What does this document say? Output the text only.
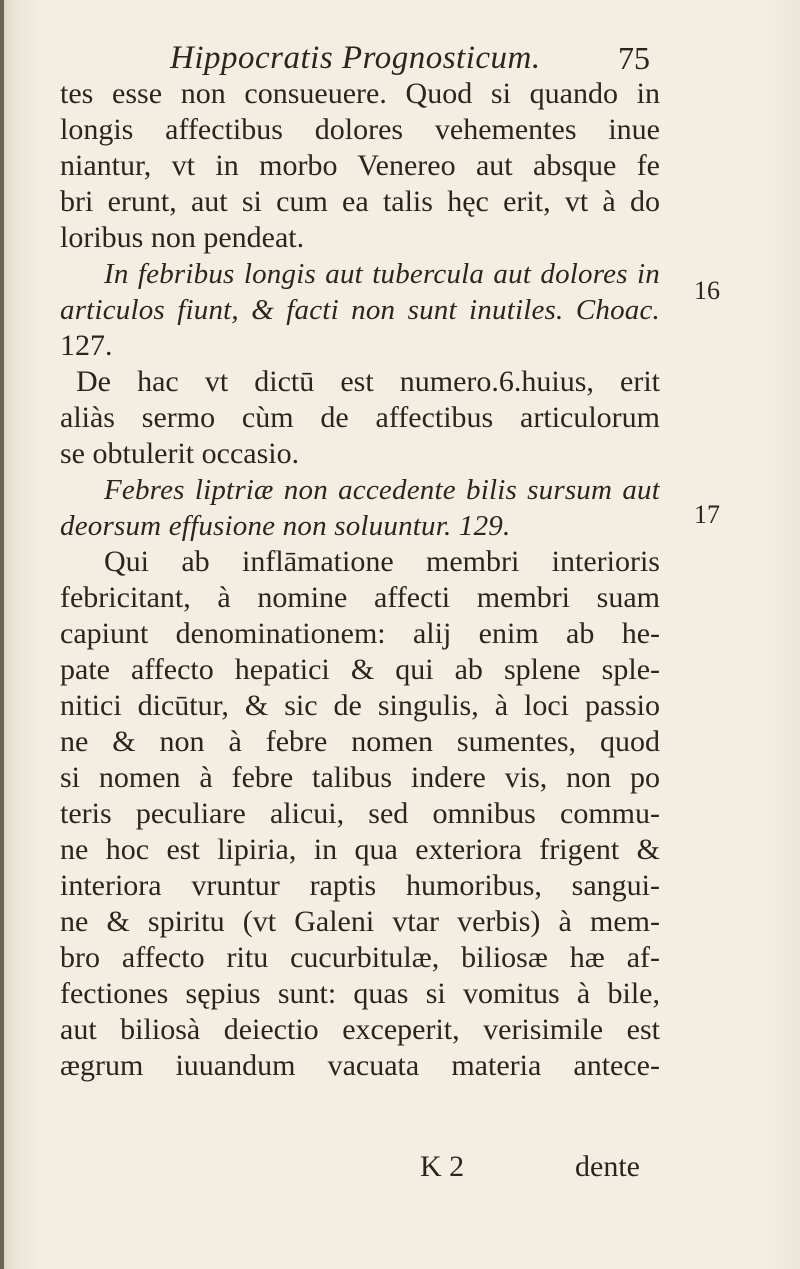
Hippocratis Prognosticum. 75
tes esse non consueuere. Quod si quando in
longis affectibus dolores vehementes inue
niantur, vt in morbo Venereo aut absque fe
bri erunt, aut si cum ea talis hęc erit, vt à do
loribus non pendeat.
In febribus longis aut tubercula aut dolores in
articulos fiunt, & facti non sunt inutiles. Choac.
127.
De hac vt dictū est numero.6.huius, erit
aliàs sermo cùm de affectibus articulorum
se obtulerit occasio.
Febres liptriæ non accedente bilis sursum aut
deorsum effusione non soluuntur. 129.
Qui ab inflāmatione membri interioris
febricitant, à nomine affecti membri suam
capiunt denominationem: alij enim ab he-
pate affecto hepatici & qui ab splene sple-
nitici dicūtur, & sic de singulis, à loci passio
ne & non à febre nomen sumentes, quod
si nomen à febre talibus indere vis, non po
teris peculiare alicui, sed omnibus commu-
ne hoc est lipiria, in qua exteriora frigent &
interiora vruntur raptis humoribus, sangui-
ne & spiritu (vt Galeni vtar verbis) à mem-
bro affecto ritu cucurbitulæ, biliosæ hæ af-
fectiones sępius sunt: quas si vomitus à bile,
aut biliosà deiectio exceperit, verisimile est
ægrum iuuandum vacuata materia antece-
16
17
K 2	dente
